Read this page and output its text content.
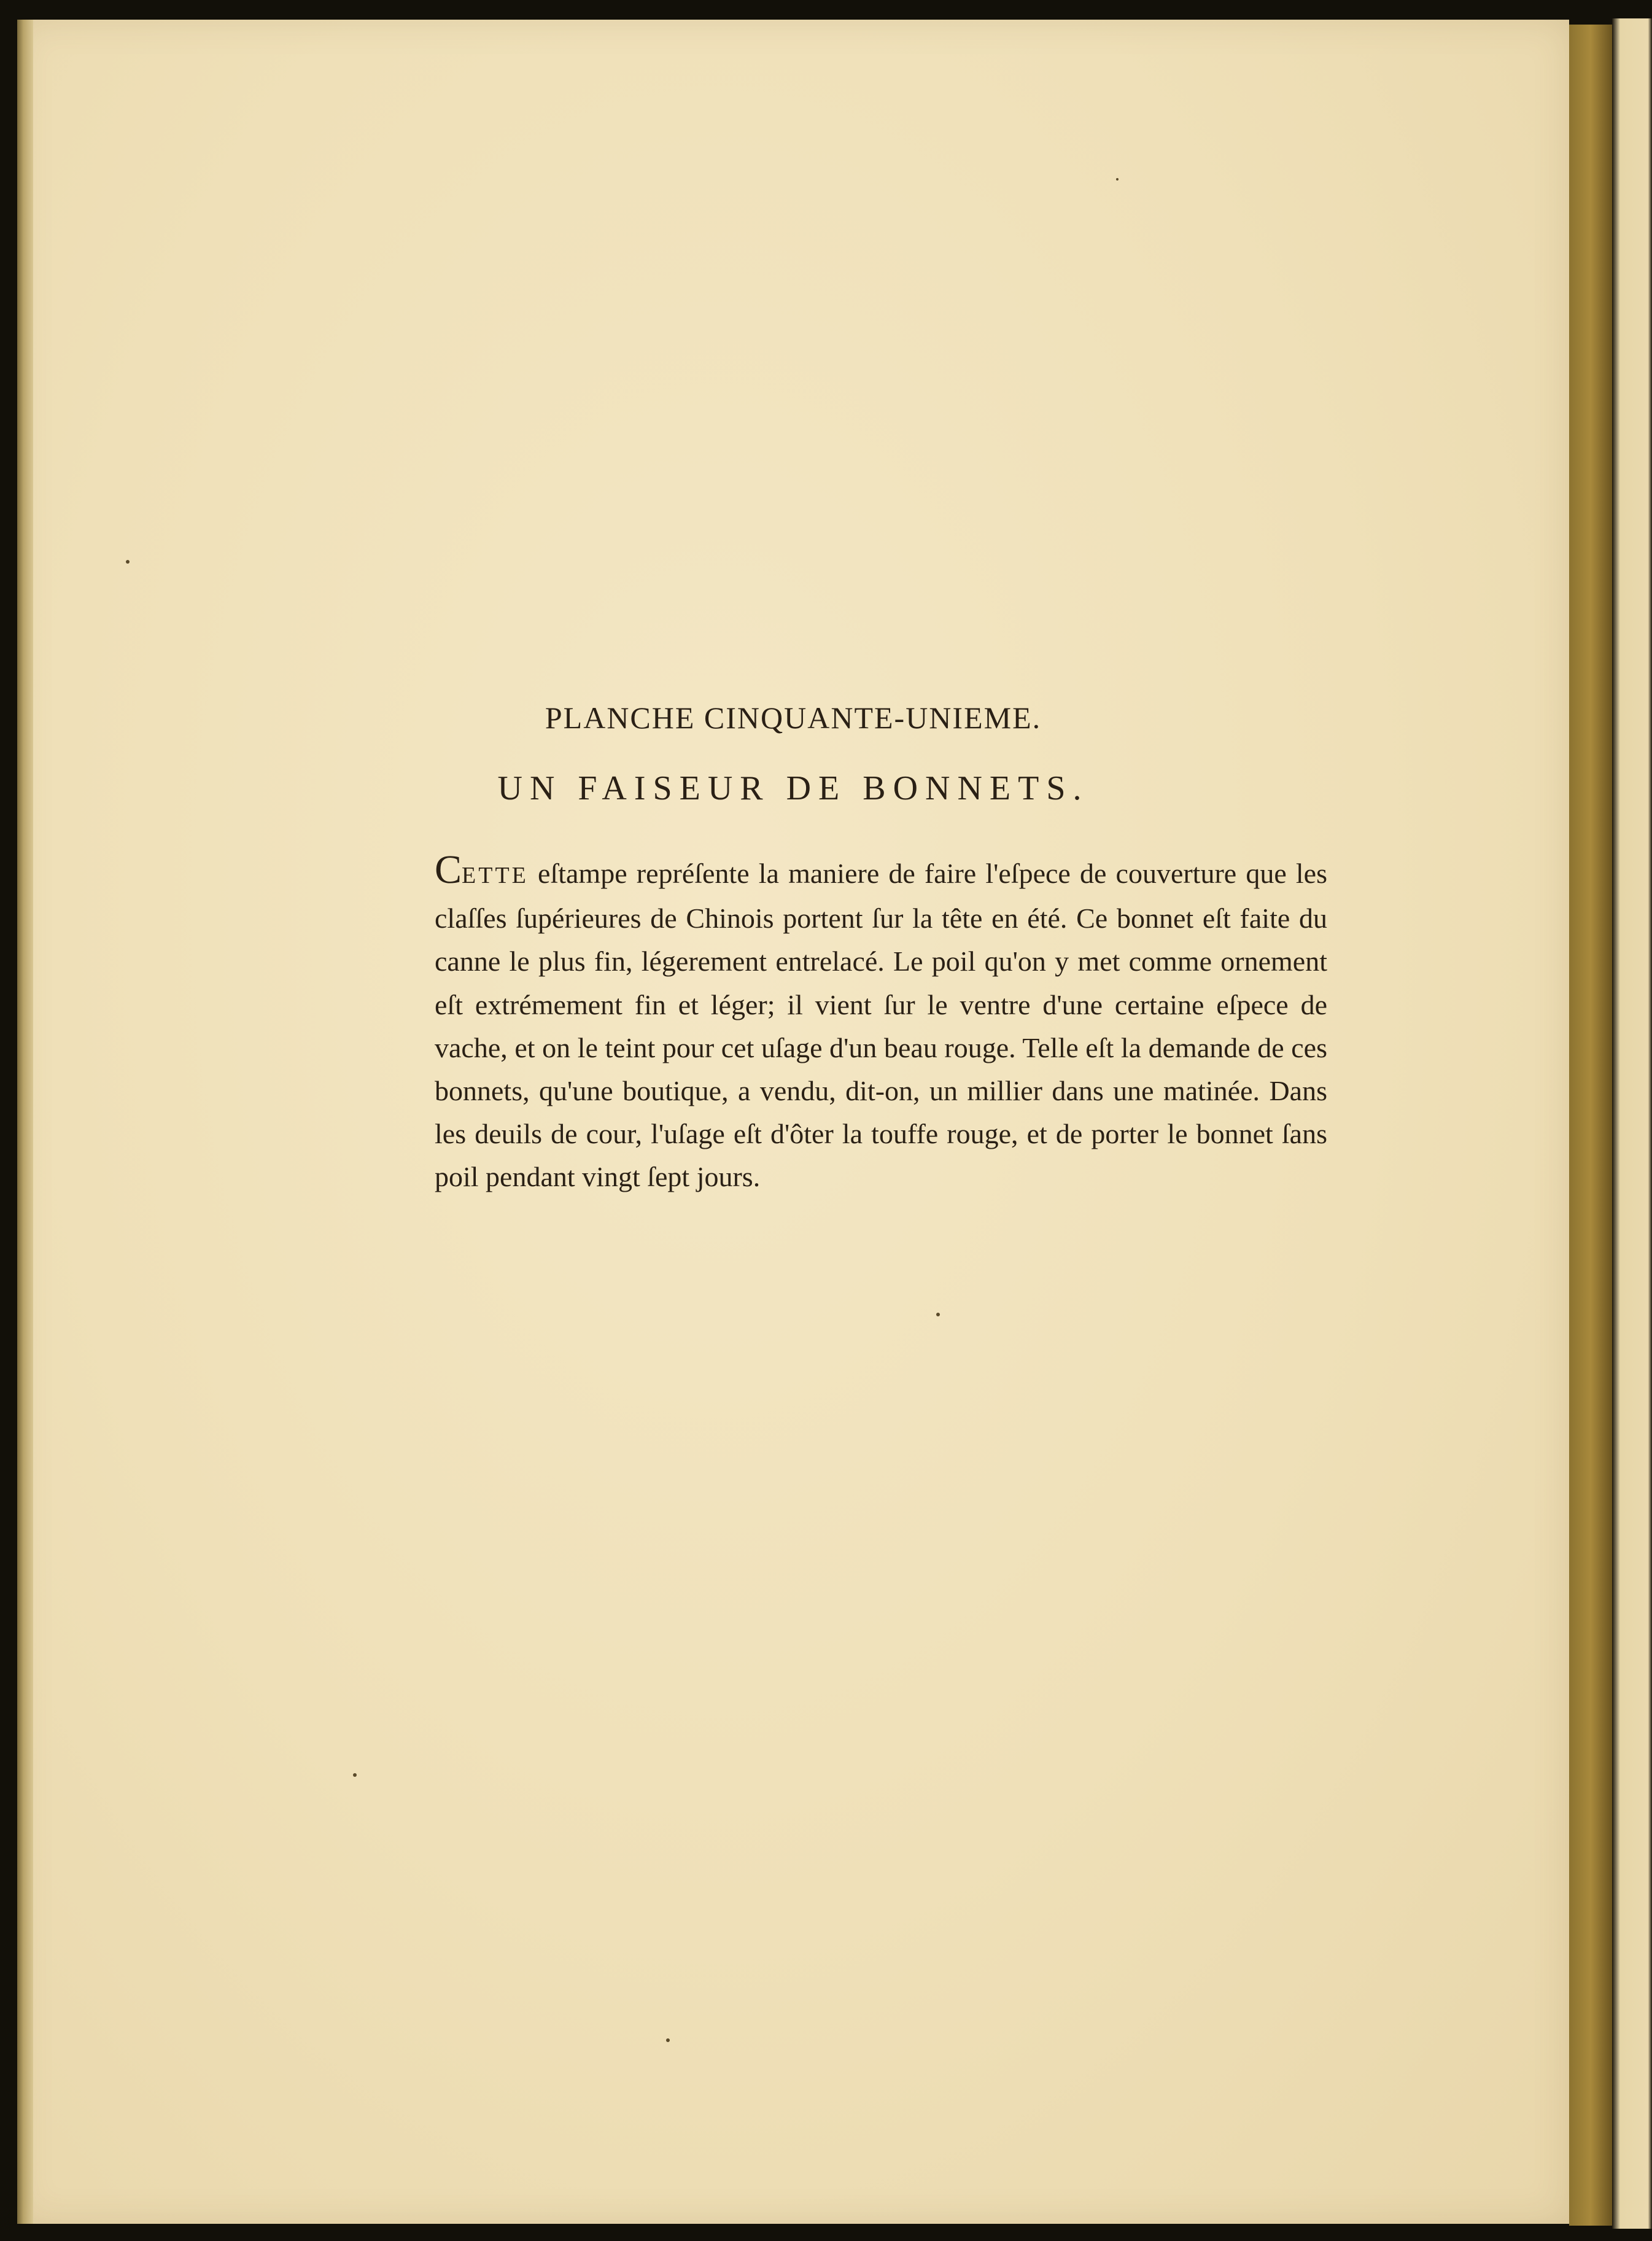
PLANCHE CINQUANTE-UNIEME.
UN FAISEUR DE BONNETS.
CETTE eſtampe repréſente la maniere de faire l'eſpece de couverture que les claſſes ſupérieures de Chinois portent ſur la tête en été. Ce bonnet eſt faite du canne le plus fin, légerement entrelacé. Le poil qu'on y met comme ornement eſt extrémement fin et léger; il vient ſur le ventre d'une certaine eſpece de vache, et on le teint pour cet uſage d'un beau rouge. Telle eſt la demande de ces bonnets, qu'une boutique, a vendu, dit-on, un millier dans une matinée. Dans les deuils de cour, l'uſage eſt d'ôter la touffe rouge, et de porter le bonnet ſans poil pendant vingt ſept jours.
